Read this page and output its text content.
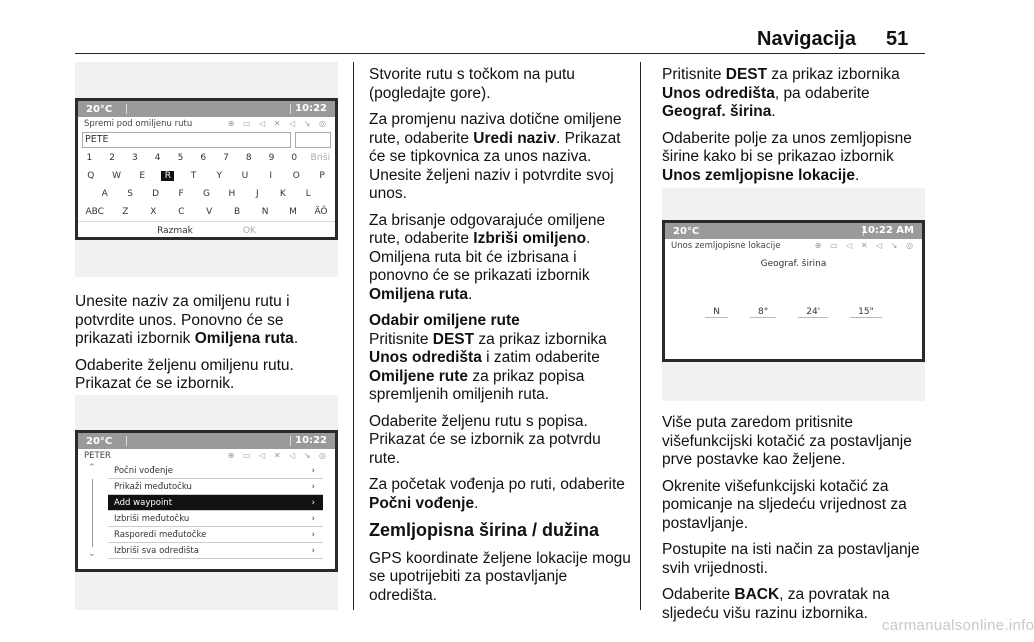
Navigacija 51
20°C	10:22
Spremi pod omiljenu rutu	⊕ ▭ ◁ ✕ ◁ ↘ ◎
PETE
1	2	3	4	5	6	7	8	9	0	Briši
Q	W	E	R	T	Y	U	I	O	P
A	S	D	F	G	H	J	K	L
ABC	Z	X	C	V	B	N	M ÄÖ
Razmak	OK

Unesite naziv za omiljenu rutu i potvrdite unos. Ponovno će se prikazati izbornik Omiljena ruta.

Odaberite željenu omiljenu rutu. Prikazat će se izbornik.

20°C	10:22
PETER	⊕ ▭ ◁ ✕ ◁ ↘ ◎
⌃
⌄
Počni vođenje	›
Prikaži međutočku	›
Add waypoint	›
Izbriši međutočku	›
Rasporedi međutočke	›
Izbriši sva odredišta	›

Stvorite rutu s točkom na putu (pogledajte gore).

Za promjenu naziva dotične omiljene rute, odaberite Uredi naziv. Prikazat će se tipkovnica za unos naziva. Unesite željeni naziv i potvrdite svoj unos.

Za brisanje odgovarajuće omiljene rute, odaberite Izbriši omiljeno. Omiljena ruta bit će izbrisana i ponovno će se prikazati izbornik Omiljena ruta.

Odabir omiljene rute

Pritisnite DEST za prikaz izbornika Unos odredišta i zatim odaberite Omiljene rute za prikaz popisa spremljenih omiljenih ruta.

Odaberite željenu rutu s popisa. Prikazat će se izbornik za potvrdu rute.

Za početak vođenja po ruti, odaberite Počni vođenje.

Zemljopisna širina / dužina

GPS koordinate željene lokacije mogu se upotrijebiti za postavljanje odredišta.

Pritisnite DEST za prikaz izbornika Unos odredišta, pa odaberite Geograf. širina.

Odaberite polje za unos zemljopisne širine kako bi se prikazao izbornik Unos zemljopisne lokacije.

20°C	10:22 AM
Unos zemljopisne lokacije	⊕ ▭ ◁ ✕ ◁ ↘ ◎
Geograf. širina
N	8°	24'	15"

Više puta zaredom pritisnite višefunkcijski kotačić za postavljanje prve postavke kao željene.

Okrenite višefunkcijski kotačić za pomicanje na sljedeću vrijednost za postavljanje.

Postupite na isti način za postavljanje svih vrijednosti.

Odaberite BACK, za povratak na sljedeću višu razinu izbornika.

carmanualsonline.info
